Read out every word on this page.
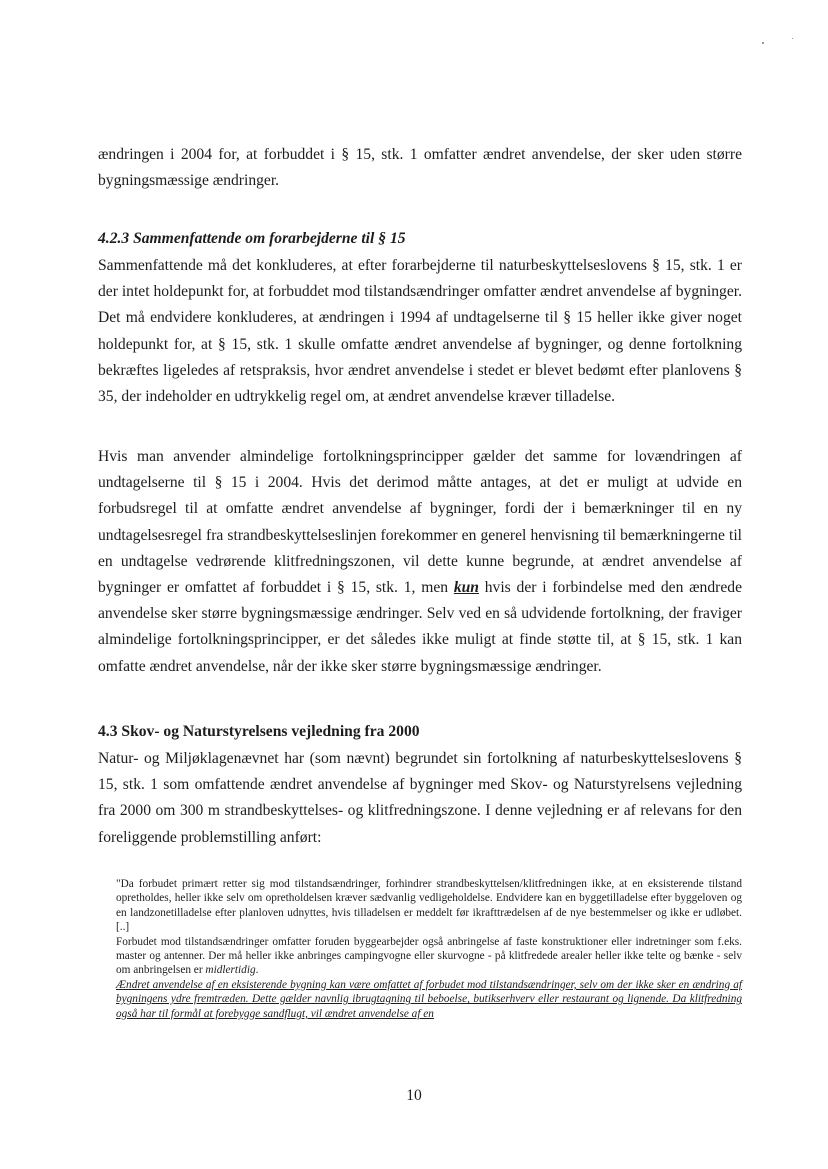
ændringen i 2004 for, at forbuddet i § 15, stk. 1 omfatter ændret anvendelse, der sker uden større bygningsmæssige ændringer.

4.2.3 Sammenfattende om forarbejderne til § 15

Sammenfattende må det konkluderes, at efter forarbejderne til naturbeskyttelseslovens § 15, stk. 1 er der intet holdepunkt for, at forbuddet mod tilstandsændringer omfatter ændret anvendelse af bygninger. Det må endvidere konkluderes, at ændringen i 1994 af undtagelserne til § 15 heller ikke giver noget holdepunkt for, at § 15, stk. 1 skulle omfatte ændret anvendelse af bygninger, og denne fortolkning bekræftes ligeledes af retspraksis, hvor ændret anvendelse i stedet er blevet bedømt efter planlovens § 35, der indeholder en udtrykkelig regel om, at ændret anvendelse kræver tilladelse.

Hvis man anvender almindelige fortolkningsprincipper gælder det samme for lovændringen af undtagelserne til § 15 i 2004. Hvis det derimod måtte antages, at det er muligt at udvide en forbudsregel til at omfatte ændret anvendelse af bygninger, fordi der i bemærkninger til en ny undtagelsesregel fra strandbeskyttelseslinjen forekommer en generel henvisning til bemærkningerne til en undtagelse vedrørende klitfredningszonen, vil dette kunne begrunde, at ændret anvendelse af bygninger er omfattet af forbuddet i § 15, stk. 1, men kun hvis der i forbindelse med den ændrede anvendelse sker større bygningsmæssige ændringer. Selv ved en så udvidende fortolkning, der fraviger almindelige fortolkningsprincipper, er det således ikke muligt at finde støtte til, at § 15, stk. 1 kan omfatte ændret anvendelse, når der ikke sker større bygningsmæssige ændringer.

4.3 Skov- og Naturstyrelsens vejledning fra 2000

Natur- og Miljøklagenævnet har (som nævnt) begrundet sin fortolkning af naturbeskyttelseslovens § 15, stk. 1 som omfattende ændret anvendelse af bygninger med Skov- og Naturstyrelsens vejledning fra 2000 om 300 m strandbeskyttelses- og klitfredningszone. I denne vejledning er af relevans for den foreliggende problemstilling anført:

"Da forbudet primært retter sig mod tilstandsændringer, forhindrer strandbeskyttelsen/klitfredningen ikke, at en eksisterende tilstand opretholdes, heller ikke selv om opretholdelsen kræver sædvanlig vedligeholdelse. Endvidere kan en byggetilladelse efter byggeloven og en landzonetilladelse efter planloven udnyttes, hvis tilladelsen er meddelt før ikrafttrædelsen af de nye bestemmelser og ikke er udløbet. [..]

Forbudet mod tilstandsændringer omfatter foruden byggearbejder også anbringelse af faste konstruktioner eller indretninger som f.eks. master og antenner. Der må heller ikke anbringes campingvogne eller skurvogne - på klitfredede arealer heller ikke telte og bænke - selv om anbringelsen er midlertidig.

Ændret anvendelse af en eksisterende bygning kan være omfattet af forbudet mod tilstandsændringer, selv om der ikke sker en ændring af bygningens ydre fremtræden. Dette gælder navnlig ibrugtagning til beboelse, butikserhverv eller restaurant og lignende. Da klitfredning også har til formål at forebygge sandflugt, vil ændret anvendelse af en

10
